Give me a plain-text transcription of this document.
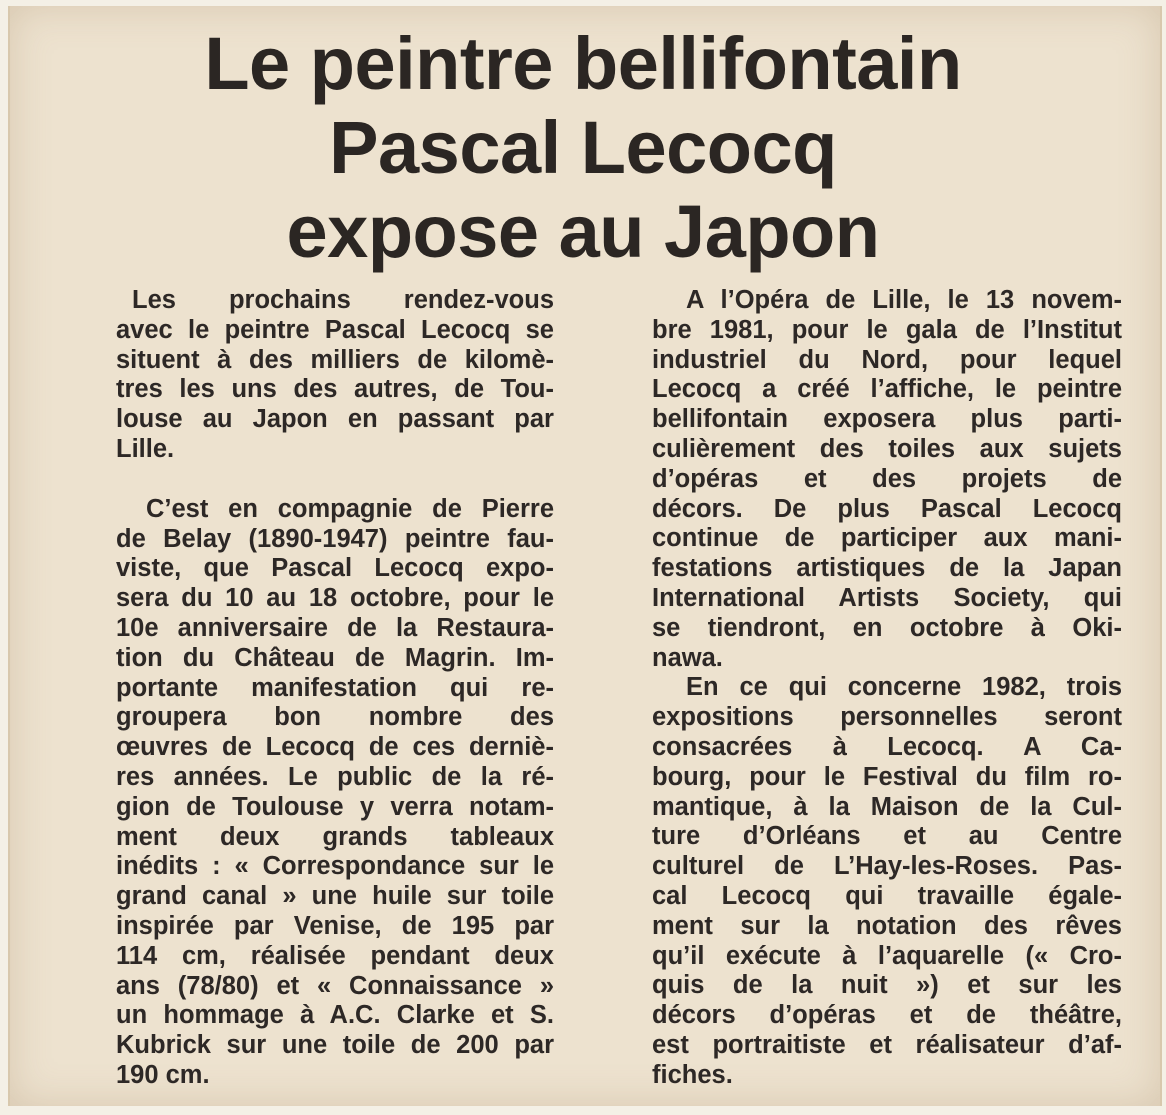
Le peintre bellifontain
Pascal Lecocq
expose au Japon
Les prochains rendez-vous
avec le peintre Pascal Lecocq se
situent à des milliers de kilomè-
tres les uns des autres, de Tou-
louse au Japon en passant par
Lille.
C’est en compagnie de Pierre
de Belay (1890-1947) peintre fau-
viste, que Pascal Lecocq expo-
sera du 10 au 18 octobre, pour le
10e anniversaire de la Restaura-
tion du Château de Magrin. Im-
portante manifestation qui re-
groupera bon nombre des
œuvres de Lecocq de ces derniè-
res années. Le public de la ré-
gion de Toulouse y verra notam-
ment deux grands tableaux
inédits : « Correspondance sur le
grand canal » une huile sur toile
inspirée par Venise, de 195 par
114 cm, réalisée pendant deux
ans (78/80) et « Connaissance »
un hommage à A.C. Clarke et S.
Kubrick sur une toile de 200 par
190 cm.
A l’Opéra de Lille, le 13 novem-
bre 1981, pour le gala de l’Institut
industriel du Nord, pour lequel
Lecocq a créé l’affiche, le peintre
bellifontain exposera plus parti-
culièrement des toiles aux sujets
d’opéras et des projets de
décors. De plus Pascal Lecocq
continue de participer aux mani-
festations artistiques de la Japan
International Artists Society, qui
se tiendront, en octobre à Oki-
nawa.
En ce qui concerne 1982, trois
expositions personnelles seront
consacrées à Lecocq. A Ca-
bourg, pour le Festival du film ro-
mantique, à la Maison de la Cul-
ture d’Orléans et au Centre
culturel de L’Hay-les-Roses. Pas-
cal Lecocq qui travaille égale-
ment sur la notation des rêves
qu’il exécute à l’aquarelle (« Cro-
quis de la nuit ») et sur les
décors d’opéras et de théâtre,
est portraitiste et réalisateur d’af-
fiches.
